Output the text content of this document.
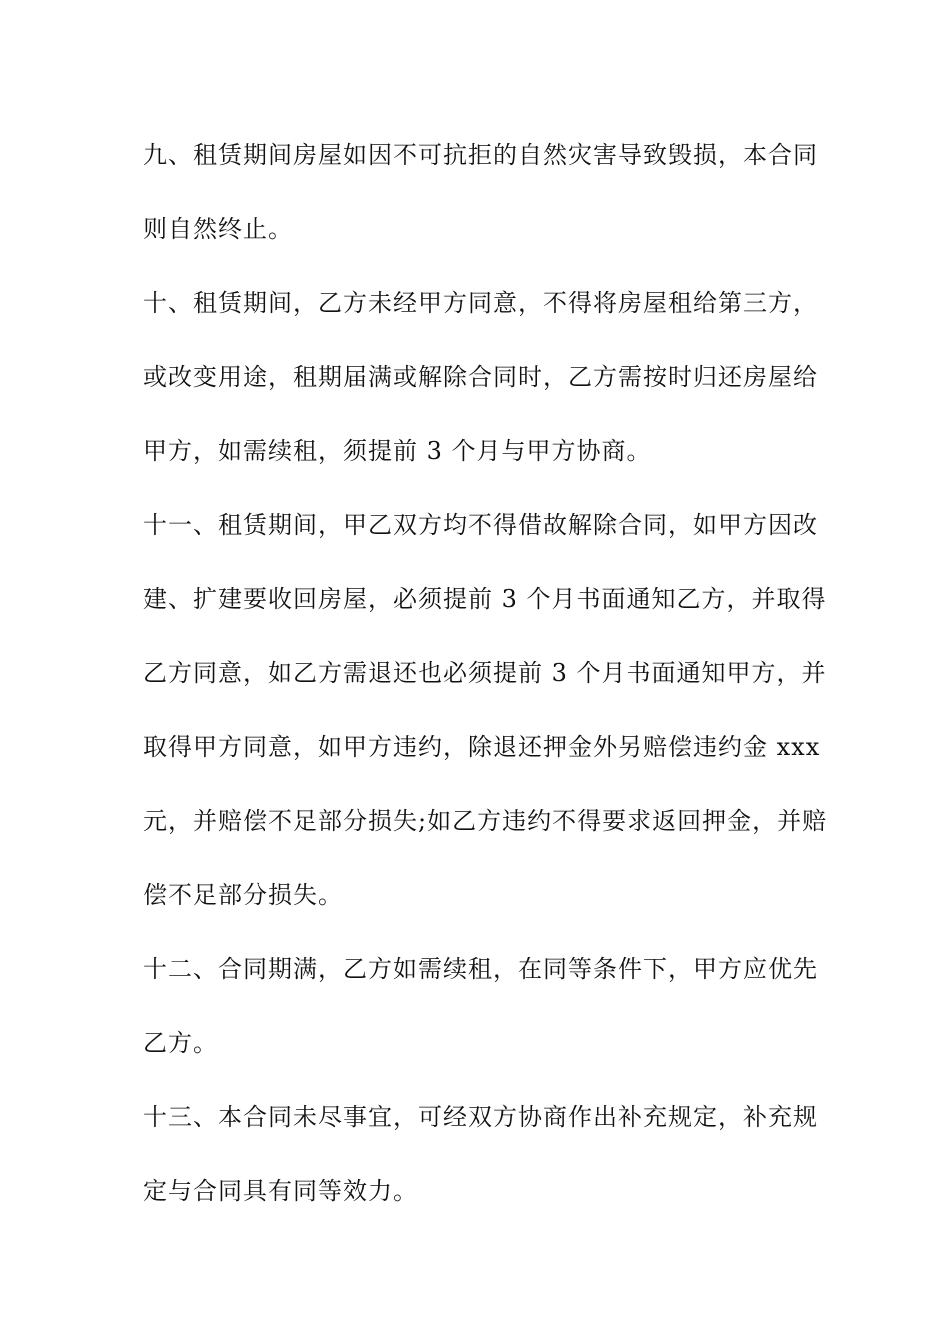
九、租赁期间房屋如因不可抗拒的自然灾害导致毁损，本合同
则自然终止。
十、租赁期间，乙方未经甲方同意，不得将房屋租给第三方，
或改变用途，租期届满或解除合同时，乙方需按时归还房屋给
甲方，如需续租，须提前 3 个月与甲方协商。
十一、租赁期间，甲乙双方均不得借故解除合同，如甲方因改
建、扩建要收回房屋，必须提前 3 个月书面通知乙方，并取得
乙方同意，如乙方需退还也必须提前 3 个月书面通知甲方，并
取得甲方同意，如甲方违约，除退还押金外另赔偿违约金 xxx
元，并赔偿不足部分损失;如乙方违约不得要求返回押金，并赔
偿不足部分损失。
十二、合同期满，乙方如需续租，在同等条件下，甲方应优先
乙方。
十三、本合同未尽事宜，可经双方协商作出补充规定，补充规
定与合同具有同等效力。
